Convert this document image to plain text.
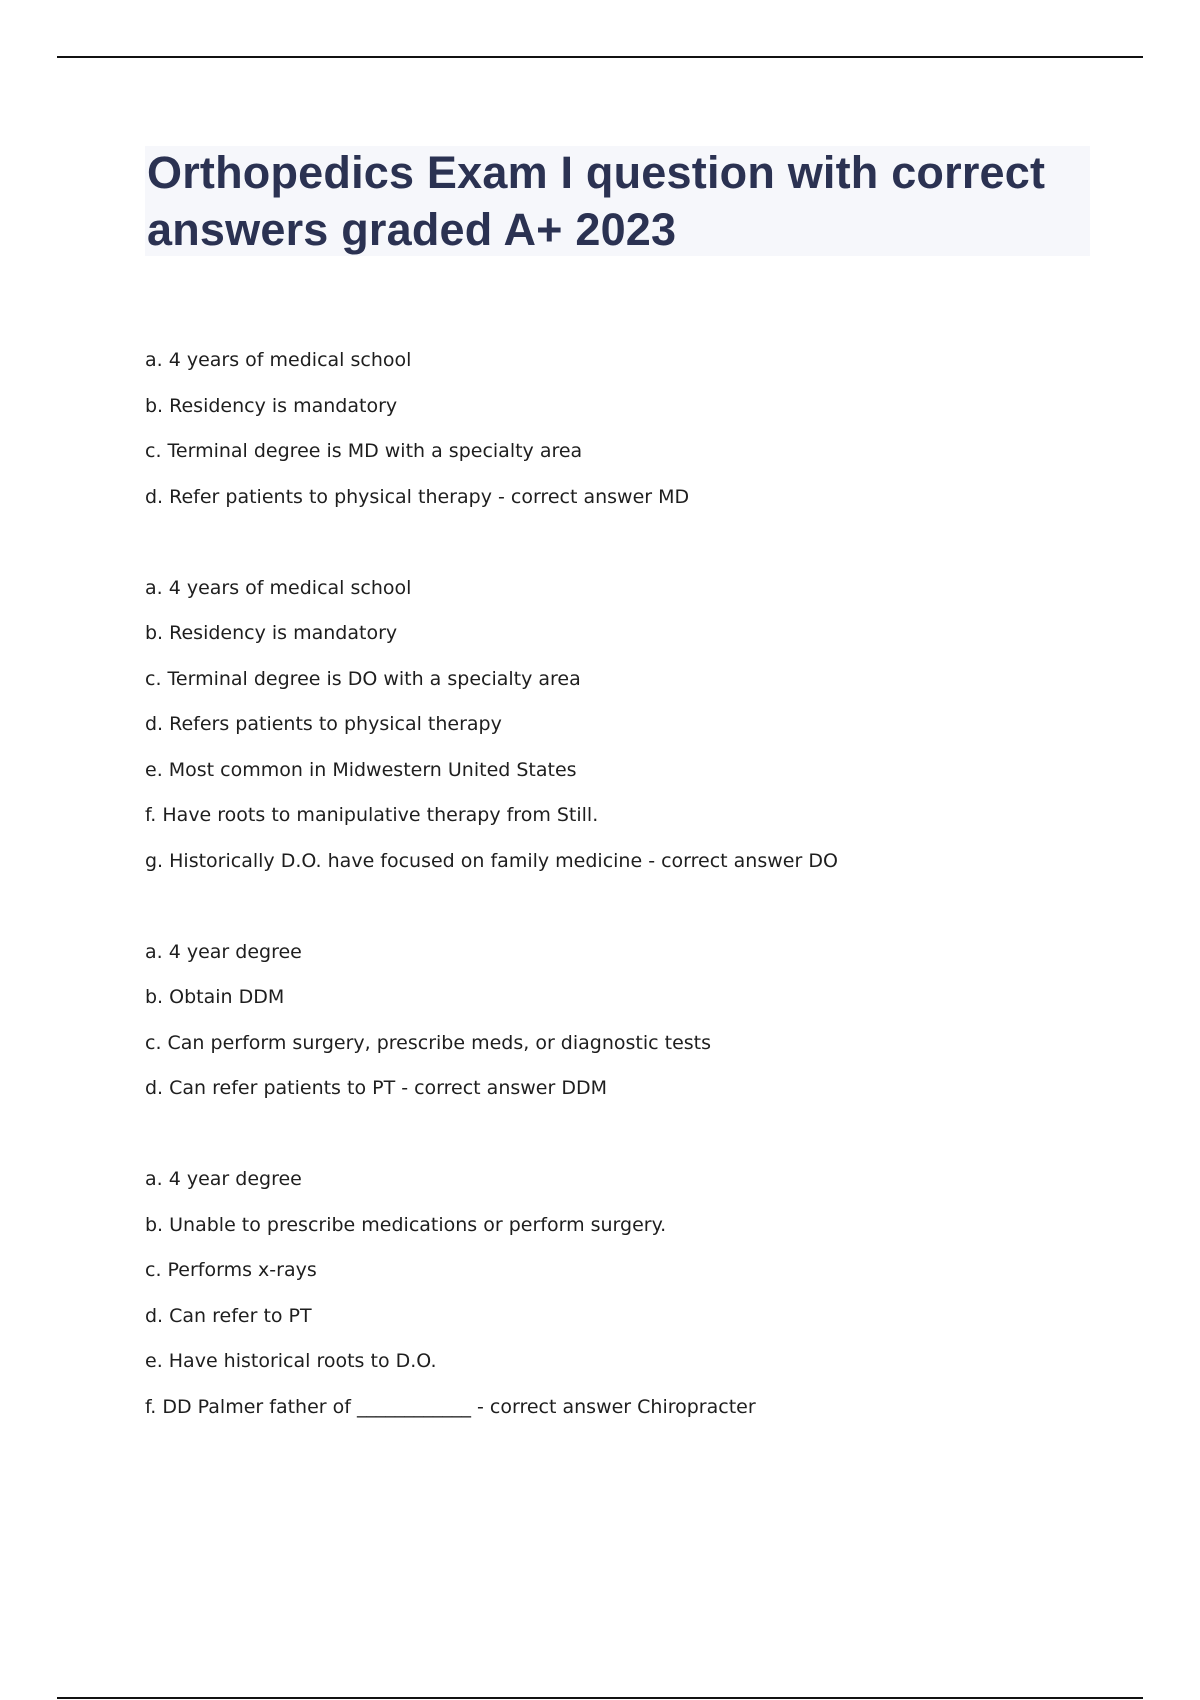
Orthopedics Exam I question with correct answers graded A+ 2023
a. 4 years of medical school
b. Residency is mandatory
c. Terminal degree is MD with a specialty area
d. Refer patients to physical therapy - correct answer MD
a. 4 years of medical school
b. Residency is mandatory
c. Terminal degree is DO with a specialty area
d. Refers patients to physical therapy
e. Most common in Midwestern United States
f. Have roots to manipulative therapy from Still.
g. Historically D.O. have focused on family medicine - correct answer DO
a. 4 year degree
b. Obtain DDM
c. Can perform surgery, prescribe meds, or diagnostic tests
d. Can refer patients to PT - correct answer DDM
a. 4 year degree
b. Unable to prescribe medications or perform surgery.
c. Performs x-rays
d. Can refer to PT
e. Have historical roots to D.O.
f. DD Palmer father of ____________ - correct answer Chiropracter
